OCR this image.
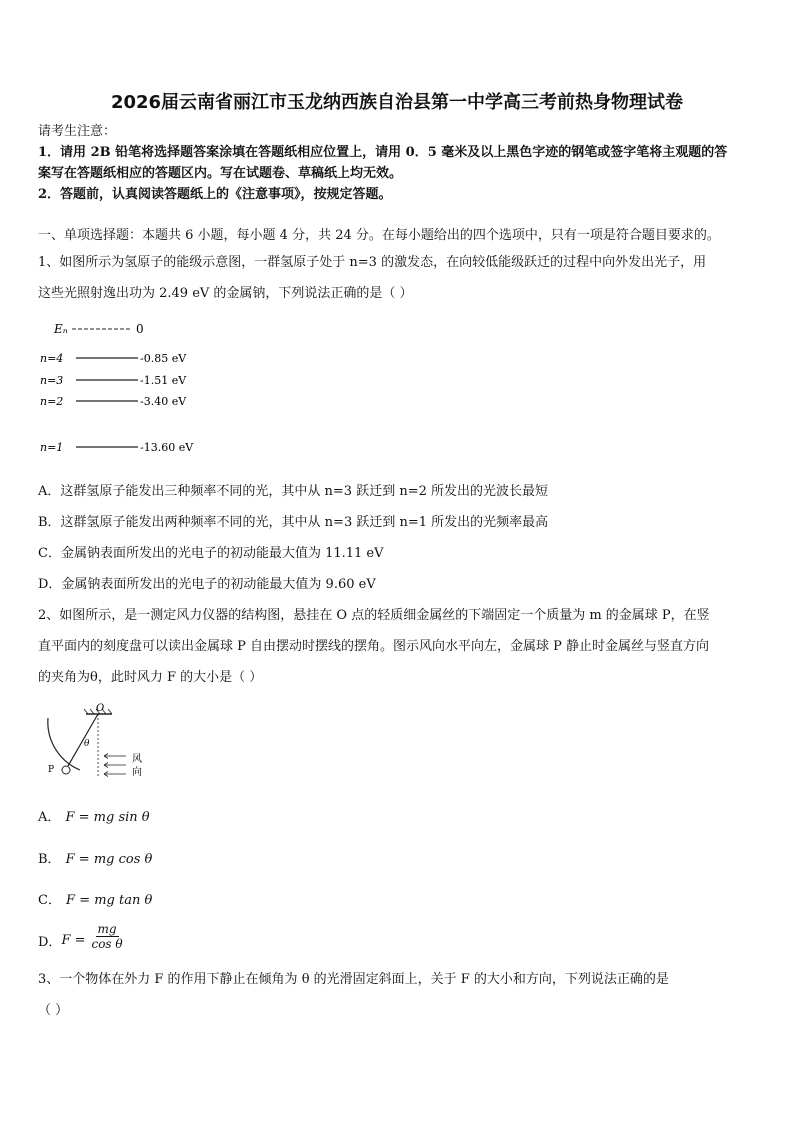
2026届云南省丽江市玉龙纳西族自治县第一中学高三考前热身物理试卷
请考生注意：
1．请用 2B 铅笔将选择题答案涂填在答题纸相应位置上，请用 0．5 毫米及以上黑色字迹的钢笔或签字笔将主观题的答
案写在答题纸相应的答题区内。写在试题卷、草稿纸上均无效。
2．答题前，认真阅读答题纸上的《注意事项》，按规定答题。
一、单项选择题：本题共 6 小题，每小题 4 分，共 24 分。在每小题给出的四个选项中，只有一项是符合题目要求的。
1、如图所示为氢原子的能级示意图，一群氢原子处于 n=3 的激发态，在向较低能级跃迁的过程中向外发出光子，用
这些光照射逸出功为 2.49 eV 的金属钠，下列说法正确的是（ ）
Eₙ	0
n=4	-0.85 eV
n=3	-1.51 eV
n=2	-3.40 eV
n=1	-13.60 eV
A．这群氢原子能发出三种频率不同的光，其中从 n=3 跃迁到 n=2 所发出的光波长最短
B．这群氢原子能发出两种频率不同的光，其中从 n=3 跃迁到 n=1 所发出的光频率最高
C．金属钠表面所发出的光电子的初动能最大值为 11.11 eV
D．金属钠表面所发出的光电子的初动能最大值为 9.60 eV
2、如图所示，是一测定风力仪器的结构图，悬挂在 O 点的轻质细金属丝的下端固定一个质量为 m 的金属球 P，在竖
直平面内的刻度盘可以读出金属球 P 自由摆动时摆线的摆角。图示风向水平向左，金属球 P 静止时金属丝与竖直方向
的夹角为θ，此时风力 F 的大小是（ ）
O
θ
P
风
向
A． F = mg sin θ
B． F = mg cos θ
C． F = mg tan θ
D． $F = \frac{mg}{\text{cos θ}}$
3、一个物体在外力 F 的作用下静止在倾角为 θ 的光滑固定斜面上，关于 F 的大小和方向，下列说法正确的是
（ ）
